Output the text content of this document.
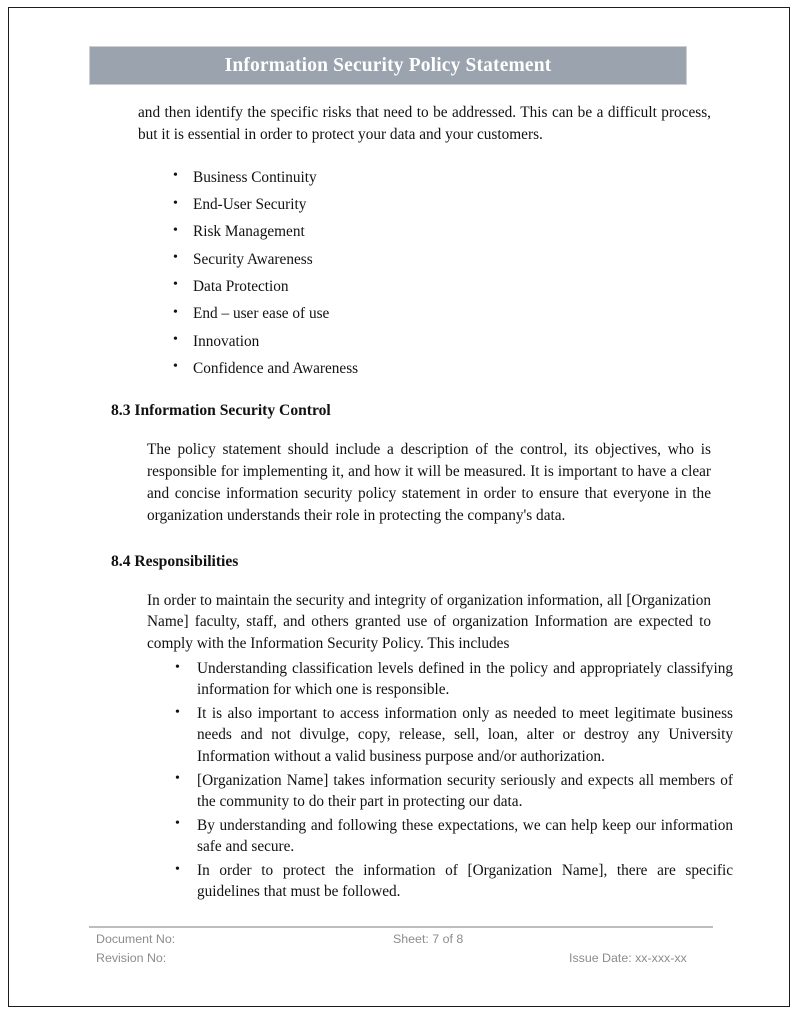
Information Security Policy Statement

and then identify the specific risks that need to be addressed. This can be a difficult process, but it is essential in order to protect your data and your customers.

• Business Continuity
• End-User Security
• Risk Management
• Security Awareness
• Data Protection
• End – user ease of use
• Innovation
• Confidence and Awareness
8.3 Information Security Control

The policy statement should include a description of the control, its objectives, who is responsible for implementing it, and how it will be measured. It is important to have a clear and concise information security policy statement in order to ensure that everyone in the organization understands their role in protecting the company's data.

8.4 Responsibilities

In order to maintain the security and integrity of organization information, all [Organization Name] faculty, staff, and others granted use of organization Information are expected to comply with the Information Security Policy. This includes

• Understanding classification levels defined in the policy and appropriately classifying information for which one is responsible.
• It is also important to access information only as needed to meet legitimate business needs and not divulge, copy, release, sell, loan, alter or destroy any University Information without a valid business purpose and/or authorization.
• [Organization Name] takes information security seriously and expects all members of the community to do their part in protecting our data.
• By understanding and following these expectations, we can help keep our information safe and secure.
• In order to protect the information of [Organization Name], there are specific guidelines that must be followed.
Document No:	Sheet: 7 of 8
Revision No:	Issue Date: xx-xxx-xx
